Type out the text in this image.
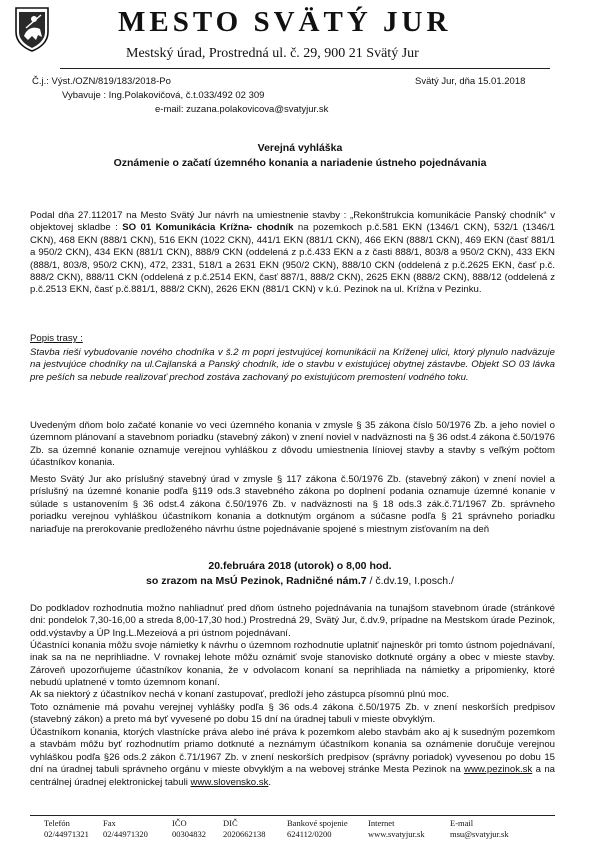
MESTO SVÄTÝ JUR
Mestský úrad, Prostredná ul. č. 29, 900 21 Svätý Jur
Č.j.: Výst./OZN/819/183/2018-Po	Svätý Jur, dňa 15.01.2018
Vybavuje : Ing.Polakovičová, č.t.033/492 02 309
e-mail: zuzana.polakovicova@svatyjur.sk
Verejná vyhláška
Oznámenie o začatí územného konania a nariadenie ústneho pojednávania
Podal dňa 27.112017 na Mesto Svätý Jur návrh na umiestnenie stavby : „Rekonštrukcia komunikácie Panský chodník“ v objektovej skladbe : SO 01 Komunikácia Krížna- chodník na pozemkoch p.č.581 EKN (1346/1 CKN), 532/1 (1346/1 CKN), 468 EKN (888/1 CKN), 516 EKN (1022 CKN), 441/1 EKN (881/1 CKN), 466 EKN (888/1 CKN), 469 EKN (časť 881/1 a 950/2 CKN), 434 EKN (881/1 CKN), 888/9 CKN (oddelená z p.č.433 EKN a z časti 888/1, 803/8 a 950/2 CKN), 433 EKN (888/1, 803/8, 950/2 CKN), 472, 2331, 518/1 a 2631 EKN (950/2 CKN), 888/10 CKN (oddelená z p.č.2625 EKN, časť p.č. 888/2 CKN), 888/11 CKN (oddelená z p.č.2514 EKN, časť 887/1, 888/2 CKN), 2625 EKN (888/2 CKN), 888/12 (oddelená z p.č.2513 EKN, časť p.č.881/1, 888/2 CKN), 2626 EKN (881/1 CKN) v k.ú. Pezinok na ul. Krížna v Pezinku.
Popis trasy :
Stavba rieši vybudovanie nového chodníka v š.2 m popri jestvujúcej komunikácii na Kríženej ulici, ktorý plynulo nadväzuje na jestvujúce chodníky na ul.Cajlanská a Panský chodník, ide o stavbu v existujúcej obytnej zástavbe. Objekt SO 03 lávka pre peších sa nebude realizovať prechod zostáva zachovaný po existujúcom premostení vodného toku.
Uvedeným dňom bolo začaté konanie vo veci územného konania v zmysle § 35 zákona číslo 50/1976 Zb. a jeho noviel o územnom plánovaní a stavebnom poriadku (stavebný zákon) v znení noviel v nadväznosti na § 36 odst.4 zákona č.50/1976 Zb. sa územné konanie oznamuje verejnou vyhláškou z dôvodu umiestnenia líniovej stavby a stavby s veľkým počtom účastníkov konania.
Mesto Svätý Jur ako príslušný stavebný úrad v zmysle § 117 zákona č.50/1976 Zb. (stavebný zákon) v znení noviel a príslušný na územné konanie podľa §119 ods.3 stavebného zákona po doplnení podania oznamuje územné konanie v súlade s ustanovením § 36 odst.4 zákona č.50/1976 Zb. v nadväznosti na § 18 ods.3 zák.č.71/1967 Zb. správneho poriadku verejnou vyhláškou účastníkom konania a dotknutým orgánom a súčasne podľa § 21 správneho poriadku nariaďuje na prerokovanie predloženého návrhu ústne pojednávanie spojené s miestnym zisťovaním na deň
20.februára 2018 (utorok) o 8,00 hod.
so zrazom na MsÚ Pezinok, Radničné nám.7 / č.dv.19, I.posch./
Do podkladov rozhodnutia možno nahliadnuť pred dňom ústneho pojednávania na tunajšom stavebnom úrade (stránkové dni: pondelok 7,30-16,00 a streda 8,00-17,30 hod.) Prostredná 29, Svätý Jur, č.dv.9, prípadne na Mestskom úrade Pezinok, odd.výstavby a ÚP Ing.L.Mezeiová a pri ústnom pojednávaní.
Účastníci konania môžu svoje námietky k návrhu o územnom rozhodnutie uplatniť najneskôr pri tomto ústnom pojednávaní, inak sa na ne neprihliadne. V rovnakej lehote môžu oznámiť svoje stanovisko dotknuté orgány a obec v mieste stavby. Zároveň upozorňujeme účastníkov konania, že v odvolacom konaní sa neprihliada na námietky a pripomienky, ktoré nebudú uplatnené v tomto územnom konaní.
Ak sa niektorý z účastníkov nechá v konaní zastupovať, predloží jeho zástupca písomnú plnú moc.
Toto oznámenie má povahu verejnej vyhlášky podľa § 36 ods.4 zákona č.50/1975 Zb. v znení neskorších predpisov (stavebný zákon) a preto má byť vyvesené po dobu 15 dní na úradnej tabuli v mieste obvyklým.
Účastníkom konania, ktorých vlastnícke práva alebo iné práva k pozemkom alebo stavbám ako aj k susedným pozemkom a stavbám môžu byť rozhodnutím priamo dotknuté a neznámym účastníkom konania sa oznámenie doručuje verejnou vyhláškou podľa §26 ods.2 zákon č.71/1967 Zb. v znení neskorších predpisov (správny poriadok) vyvesenou po dobu 15 dní na úradnej tabuli správneho orgánu v mieste obvyklým a na webovej stránke Mesta Pezinok na www.pezinok.sk a na centrálnej úradnej elektronickej tabuli www.slovensko.sk.
Telefón
02/44971321
Fax
02/44971320
IČO
00304832
DIČ
2020662138
Bankové spojenie
624112/0200
Internet
www.svatyjur.sk
E-mail
msu@svatyjur.sk
